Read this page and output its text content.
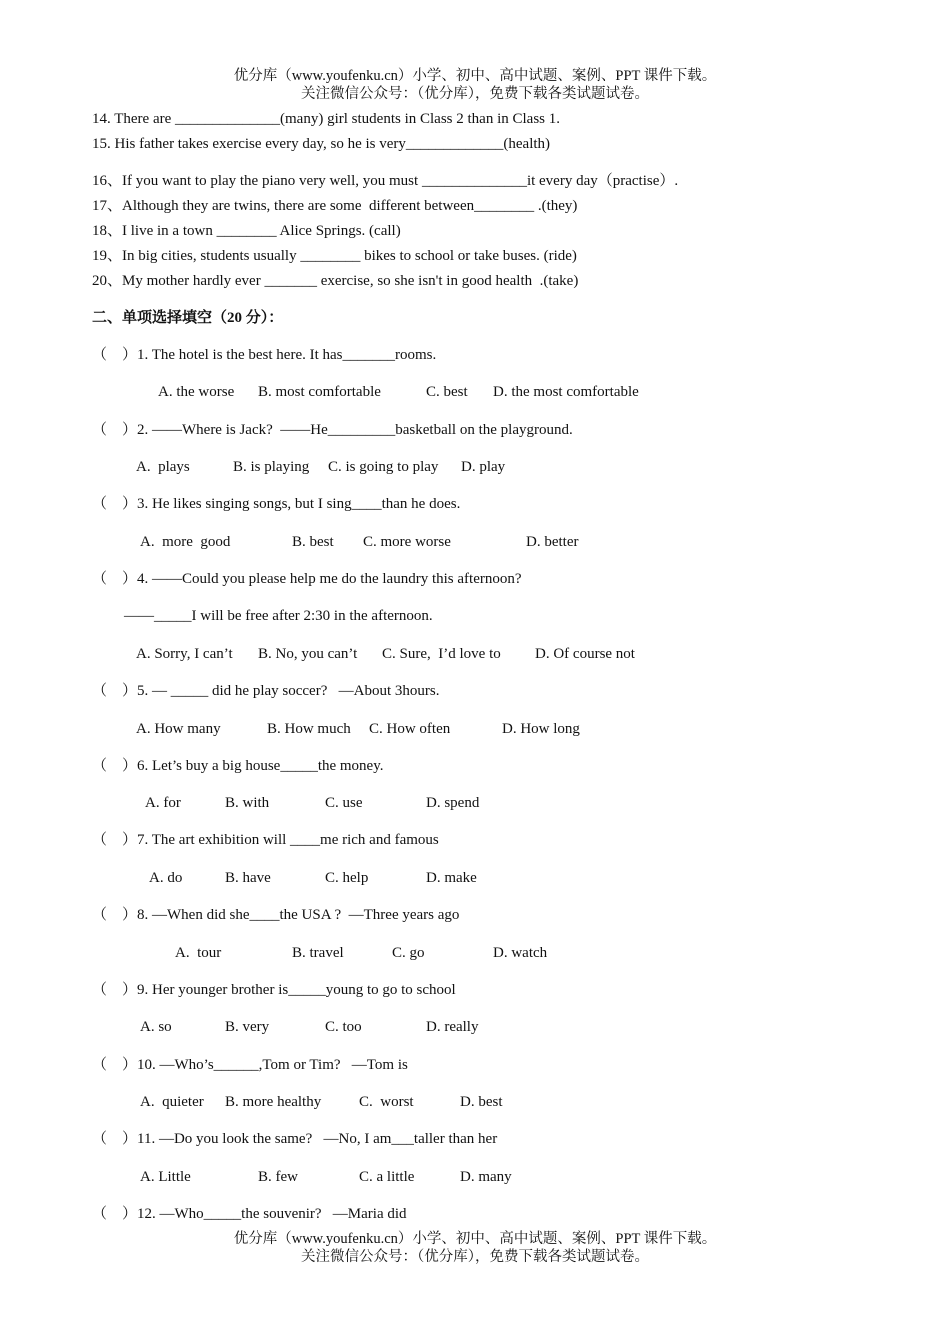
优分库（www.youfenku.cn）小学、初中、高中试题、案例、PPT 课件下载。
关注微信公众号：（优分库），免费下载各类试题试卷。
14. There are ______________(many) girl students in Class 2 than in Class 1.
15. His father takes exercise every day, so he is very_____________(health)
16、If you want to play the piano very well, you must ______________it every day（practise）.
17、Although they are twins, there are some  different between________ .(they)
18、I live in a town ________ Alice Springs. (call)
19、In big cities, students usually ________ bikes to school or take buses. (ride)
20、My mother hardly ever _______ exercise, so she isn't in good health  .(take)
二、单项选择填空（20 分）：
（    ） 1. The hotel is the best here. It has_______rooms.
A. the worse B. most comfortable	C. best D. the most comfortable
（    ） 2. ——Where is Jack?  ——He_________basketball on the playground.
A.  plays	B. is playing C. is going to play D. play
（    ） 3. He likes singing songs, but I sing____than he does.
A.  more  good	B. best C. more worse	D. better
（    ） 4. ——Could you please help me do the laundry this afternoon?
——_____I will be free after 2:30 in the afternoon.
A. Sorry, I can’t B. No, you can’t C. Sure,  I’d love to D. Of course not
（    ） 5. — _____ did he play soccer?   —About 3hours.
A. How many	B. How much C. How often	D. How long
（    ） 6. Let’s buy a big house_____the money.
A. for	B. with	C. use	D. spend
（    ） 7. The art exhibition will ____me rich and famous
A. do	B. have	C. help	D. make
（    ） 8. —When did she____the USA ?  —Three years ago
A.  tour	B. travel	C. go	D. watch
（    ） 9. Her younger brother is_____young to go to school
A. so	B. very	C. too	D. really
（    ） 10. —Who’s______,Tom or Tim?   —Tom is
A.  quieter B. more healthy	C.  worst	D. best
（    ） 11. —Do you look the same?   —No, I am___taller than her
A. Little	B. few	C. a little	D. many
（    ） 12. —Who_____the souvenir?   —Maria did
优分库（www.youfenku.cn）小学、初中、高中试题、案例、PPT 课件下载。
关注微信公众号：（优分库），免费下载各类试题试卷。
